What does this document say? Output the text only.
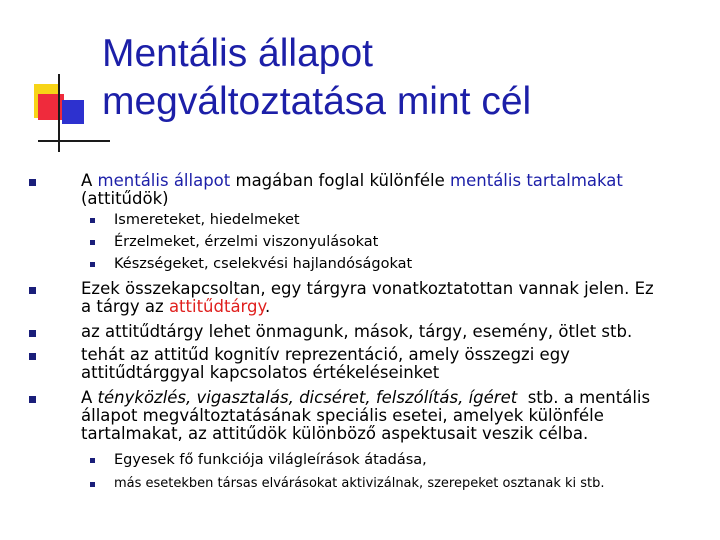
Mentális állapot
megváltoztatása mint cél
A mentális állapot magában foglal különféle mentális tartalmakat
(attitűdök)
Ismereteket, hiedelmeket
Érzelmeket, érzelmi viszonyulásokat
Készségeket, cselekvési hajlandóságokat
Ezek összekapcsoltan, egy tárgyra vonatkoztatottan vannak jelen. Ez
a tárgy az attitűdtárgy.
az attitűdtárgy lehet önmagunk, mások, tárgy, esemény, ötlet stb.
tehát az attitűd kognitív reprezentáció, amely összegzi egy
attitűdtárggyal kapcsolatos értékeléseinket
A tényközlés, vigasztalás, dicséret, felszólítás, ígéret  stb. a mentális
állapot megváltoztatásának speciális esetei, amelyek különféle
tartalmakat, az attitűdök különböző aspektusait veszik célba.
Egyesek fő funkciója világleírások átadása,
más esetekben társas elvárásokat aktivizálnak, szerepeket osztanak ki stb.
